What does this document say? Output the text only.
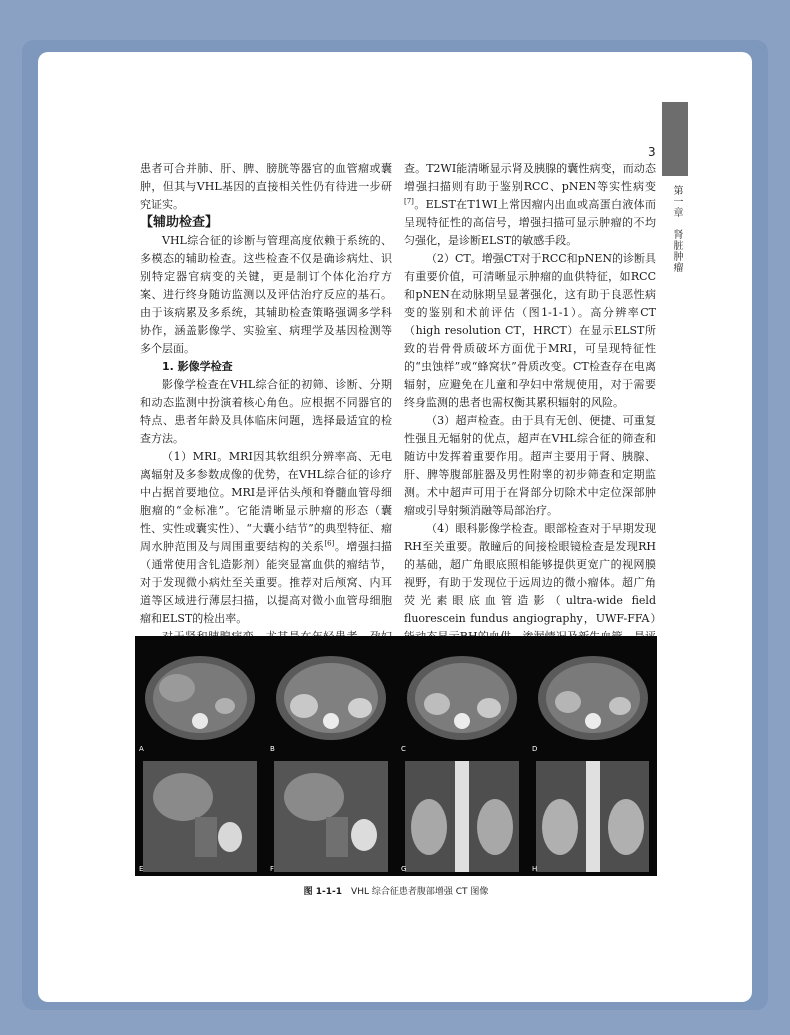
3
第一章　肾脏肿瘤

患者可合并肺、肝、脾、膀胱等器官的血管瘤或囊肿，但其与VHL基因的直接相关性仍有待进一步研究证实。

【辅助检查】

VHL综合征的诊断与管理高度依赖于系统的、多模态的辅助检查。这些检查不仅是确诊病灶、识别特定器官病变的关键，更是制订个体化治疗方案、进行终身随访监测以及评估治疗反应的基石。由于该病累及多系统，其辅助检查策略强调多学科协作，涵盖影像学、实验室、病理学及基因检测等多个层面。

1. 影像学检查

影像学检查在VHL综合征的初筛、诊断、分期和动态监测中扮演着核心角色。应根据不同器官的特点、患者年龄及具体临床问题，选择最适宜的检查方法。

（1）MRI。MRI因其软组织分辨率高、无电离辐射及多参数成像的优势，在VHL综合征的诊疗中占据首要地位。MRI是评估头颅和脊髓血管母细胞瘤的“金标准”。它能清晰显示肿瘤的形态（囊性、实性或囊实性）、“大囊小结节”的典型特征、瘤周水肿范围及与周围重要结构的关系[6]。增强扫描（通常使用含钆造影剂）能突显富血供的瘤结节，对于发现微小病灶至关重要。推荐对后颅窝、内耳道等区域进行薄层扫描，以提高对微小血管母细胞瘤和ELST的检出率。

查。T2WI能清晰显示肾及胰腺的囊性病变，而动态增强扫描则有助于鉴别RCC、pNEN等实性病变[7]。ELST在T1WI上常因瘤内出血或高蛋白液体而呈现特征性的高信号，增强扫描可显示肿瘤的不均匀强化，是诊断ELST的敏感手段。

（2）CT。增强CT对于RCC和pNEN的诊断具有重要价值，可清晰显示肿瘤的血供特征，如RCC和pNEN在动脉期呈显著强化，这有助于良恶性病变的鉴别和术前评估（图1-1-1）。高分辨率CT（high resolution CT，HRCT）在显示ELST所致的岩骨骨质破坏方面优于MRI，可呈现特征性的“虫蚀样”或“蜂窝状”骨质改变。CT检查存在电离辐射，应避免在儿童和孕妇中常规使用，对于需要终身监测的患者也需权衡其累积辐射的风险。

（3）超声检查。由于具有无创、便捷、可重复性强且无辐射的优点，超声在VHL综合征的筛查和随访中发挥着重要作用。超声主要用于肾、胰腺、肝、脾等腹部脏器及男性附睾的初步筛查和定期监测。术中超声可用于在肾部分切除术中定位深部肿瘤或引导射频消融等局部治疗。

（4）眼科影像学检查。眼部检查对于早期发现RH至关重要。散瞳后的间接检眼镜检查是发现RH的基础，超广角眼底照相能够提供更宽广的视网膜视野，有助于发现位于远周边的微小瘤体。超广角荧光素眼底血管造影（ultra-wide field fluorescein fundus angiography，UWF-FFA）

A	B	C	D
E	F	G	H
图 1-1-1　 VHL 综合征患者腹部增强 CT 图像
